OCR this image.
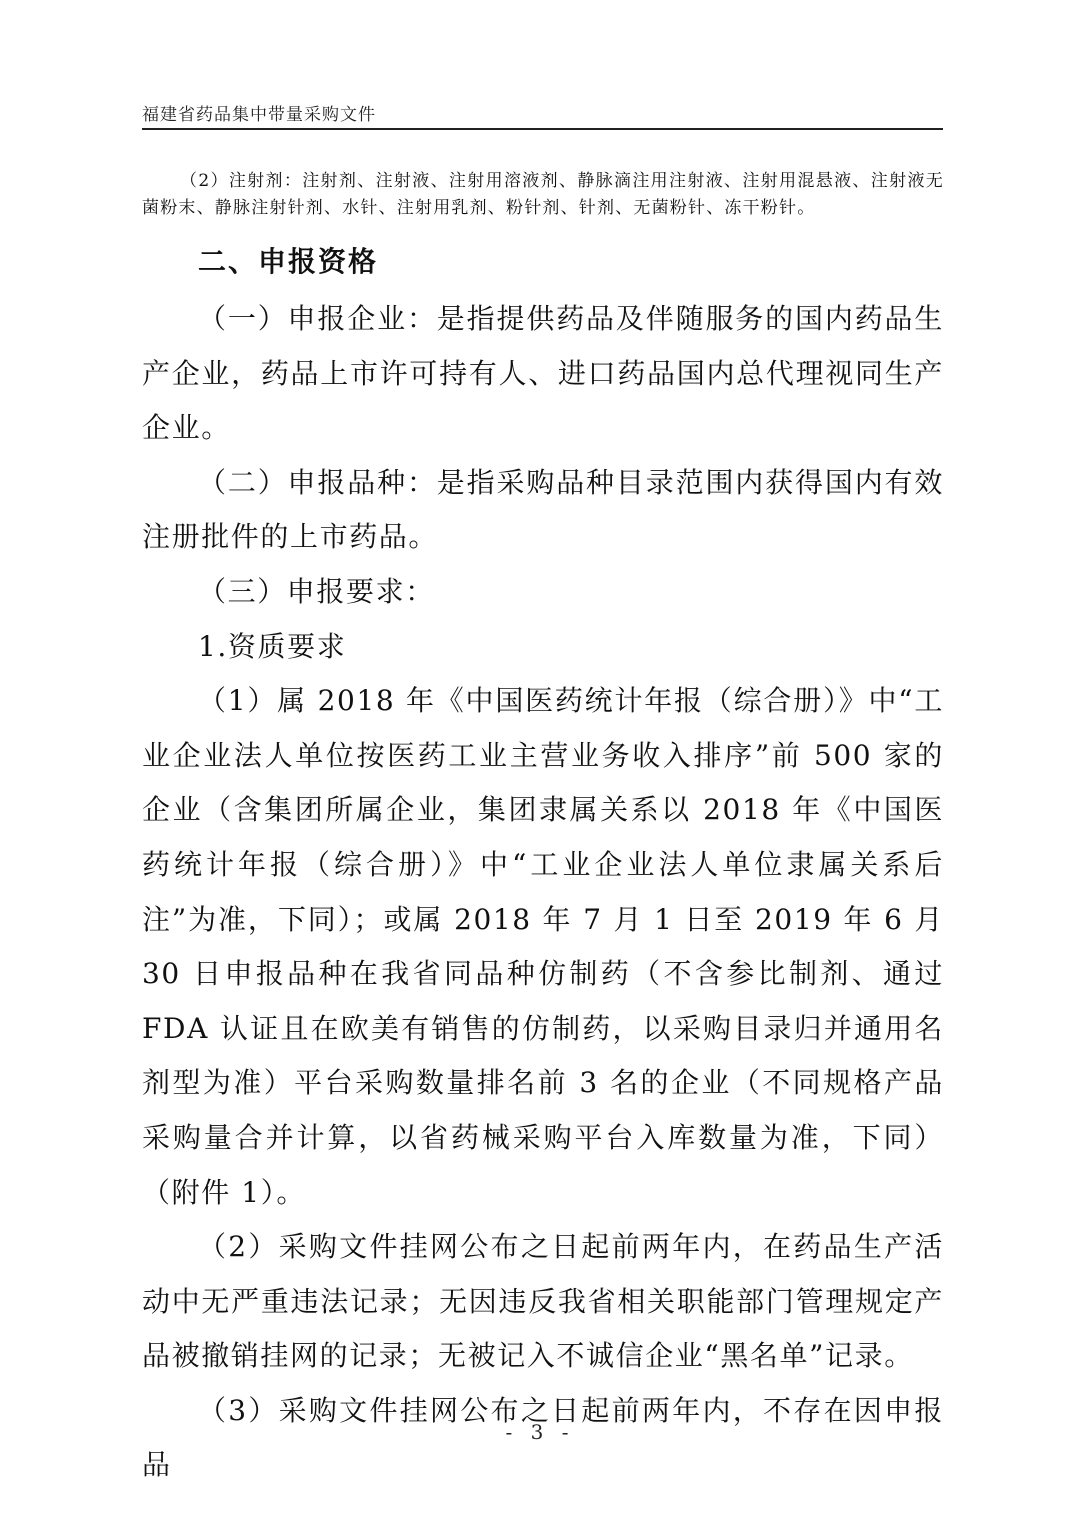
福建省药品集中带量采购文件

（2）注射剂：注射剂、注射液、注射用溶液剂、静脉滴注用注射液、注射用混悬液、注射液无菌粉末、静脉注射针剂、水针、注射用乳剂、粉针剂、针剂、无菌粉针、冻干粉针。

二、申报资格

（一）申报企业：是指提供药品及伴随服务的国内药品生产企业，药品上市许可持有人、进口药品国内总代理视同生产企业。

（二）申报品种：是指采购品种目录范围内获得国内有效注册批件的上市药品。

（三）申报要求：

1.资质要求

（1）属 2018 年《中国医药统计年报（综合册）》中“工业企业法人单位按医药工业主营业务收入排序”前 500 家的企业（含集团所属企业，集团隶属关系以 2018 年《中国医药统计年报（综合册）》中“工业企业法人单位隶属关系后注”为准，下同）；或属 2018 年 7 月 1 日至 2019 年 6 月 30 日申报品种在我省同品种仿制药（不含参比制剂、通过 FDA 认证且在欧美有销售的仿制药，以采购目录归并通用名剂型为准）平台采购数量排名前 3 名的企业（不同规格产品采购量合并计算，以省药械采购平台入库数量为准，下同）（附件 1）。

（2）采购文件挂网公布之日起前两年内，在药品生产活动中无严重违法记录；无因违反我省相关职能部门管理规定产品被撤销挂网的记录；无被记入不诚信企业“黑名单”记录。

（3）采购文件挂网公布之日起前两年内，不存在因申报品

- 3 -
